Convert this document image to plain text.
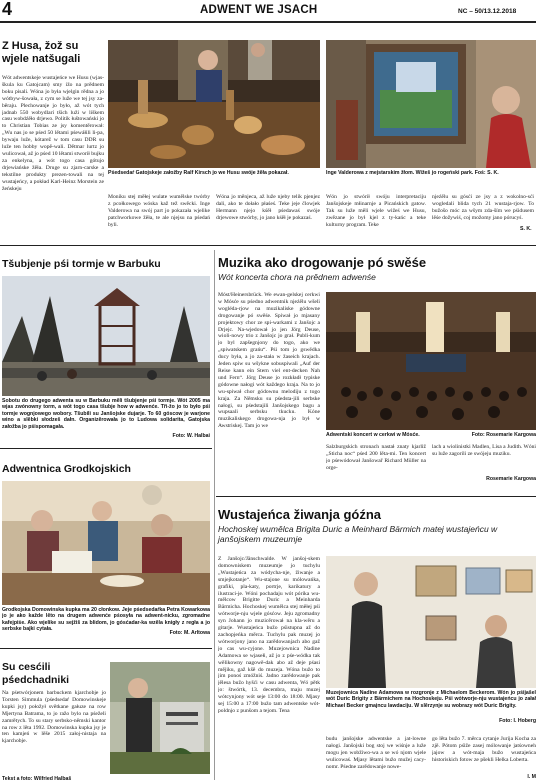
4	ADWENT WE JSACH	NC – 50/13.12.2018
Z Husa, žož su wjele natšugali
Wót adwentskeje wustajeńce we Husu (wjas-škula ku Gatojcam) smy ižo na prědnem boku pisali. Wóna jo była wjelgin rědna a jo wótbyw-šowała, z cym se luže we tej jsy za-běraju. Plechowanje jo było, až wót tych jadnab 550 wobydlarí tšich luži w liškem casu wobdźěło drjewo. Politik łuštowański jo to Christian Tobias ze jsy komentěrował: „Wu nas jo se pśed 50 lětami pśewáłili li-pa, bywaju luže, kótarež w tom casu DDR su luže ten hobby wopě-wali. Dětmar lurtz jo wulicował, až jo pśed 10 lětami stworił bujku za enkelyna, a wót togo casa gótujo drjewiańske žěła. Druge su zjarn-carske a tekstilne produkty prezen-towali na tej wustajeńcy, a pokład Karl-Heinz Morstein ze žeńskeju
Pśedsedaŕ Gatojskeje załožby Ralf Kirsch jo we Husu swóje žěła pokazał.	Inge Valderowa z mejstarskim žłom. Wižeš jo rogeński park. Foś: S. K.
Moniku stej měłej wulate wumělske twórby z pcołkowego wóska kaž tež swěcki. Inge Valderowa na swój part jo pokazała wjelike patchworkowe žěła, te ale njejsu na pśedań byli.
Wóna jo měnjeca, až luže njeby telik pjenjez dali, ako te dołało płaśeś. Teke jeje člowjek Hermann njejo kśěł pśedawaś swóje drjewowe stwórby, jo jano kśěł je pokazaś.
Wón jo stwórił swóju interpretaciju Janšojskeje młinarnje a Picańskich gatow. Tak su luže měli wjele wižeś we Husu, zwězane jo był kjel z ty-kańc a teke kulturny program. Teke
njeźělu su gósći ze jsy a z wokolno-sći wogledali blida tych 21 wustaja-rjow. To bužošo móc za wšym zda-ším we pśidusem lěśe dožywiś, coj možomy jano pórucyś.
S. K.
Tšubjenje pśi tormje w Barbuku
Sobotu do drugego adwenta su w Barbuku měli tšubjenje pśi tormje. Wót 2005 ma wjas zwónowny torm, a wót togo casa tšubje how w adwenće. Tři-žo jo to było pśi tormje wognjowego wobory. Tšubili su Janšojske dujarje. To 60 góscow je warjone wino a slěbki słodzeš dałn. Organizěrowała jo to Ludowa solidarita, Gatojska załožba jo pśispomagała.
Foto: W. Halbai
Adwentnica Grodkojskich
Grodkojska Domowinska kupka ma 20 cłonkow. Jeje pśedsedaŕka Petra Kowarkowa jo je ako každe lěto na drugem adwenće pśosyła na adwent-nicku, zgromadne kafejpiśe. Ako wjelike su sejžiš za blidom, jo gósćadar-ka wzěla knigły z regła a jo serbske bajki cytała.
Foto: M. Arltowa
Su cesćili pśedchadniki
Na pśetwórjonem barbuckem kjarchobje jo Torsten Simmula (pśedsedaŕ Domowinskeje kupki jsy) połožył světkane gałuze na row Mjertyna Batrama, to jo ražo bylo na pśeželi zamrětych. To su stary serbsko-němski kantor na row z lěta 1992. Domowinska kupka jsy je ten kamjeń w lěše 2015 załoj-nistaja na kjarchobje.
Tekst a foto: Wilfried Halbaš
Muzika ako drogowanje pó swěśe
Wót koncerta chora na prědnem adwenśe
Móst/Heinersbrück. We ewan-gelskej cerkwi w Mósće su pśedno adwentnik njeźělu wšeli wogléda-rjow na muzikaliske gódowne drogowanje pó swěśe. Spiwał jo mjasany projektowy chor ze spi-warkami z Janšojc a Drjejc. Na-wjedował jo jen Jörg Deuse, wioli-nowy trio z Janšojc jo grał. Publi-kum jo byl zapšegnjony do togo, ako we „spiwatskem grańu“. Pśi tom jo gswědka ducy była, a jo za-stała w žaseich krajach. Jeden spiw su wšykne sobuspiwali „Auf der Reise kann ein Stern viel ent-decken Nah und Fern“. Jörg Deuse jo rozkładł typiske gódowne nałogi wót každego kraja. Na to jo wu-spiwał chor gódownu melodiju z togo kraja. Za Němsku su pśedsta-jili serbske nałogi, su pśedstajili Janšojskego bagu a wupsaali serbsku tkucku. Kóne muzikaliskego drogowa-nja jo był w Awstriskej. Tam jo we
Adwentski koncert w cerkwi w Mósće.	Foto: Rosemarie Kargowa
Salzburgskich stronach nastał znaty kjarliž „Sticha noc“ pśed 200 lěta-mi. Ten koncert jo pśewódował Janšowař Richard Müller na orge-
lach a wiolinistki Madlen, Lisa a Judith. Wóni su luže zagorili ze swójeju muziku.
Rosemarie Kargowa
Wustajeńca žiwanja góźna
Hochoskej wumělca Brigita Duric a Meinhard Bärmich matej wustajeńcu w janšojskem muzeumje
Z Janšojc/Jänschwalde. W janšoj-skem domowniskem muzeumje jo tuchylu „Wustajeńca za wódycha-nje, žiwanje a smjejkotanje“. Wu-stajone su mólowańka, grafiki, pla-katy, portrje, karikatury a ilustraci-je. Wóni pochadaju wót pórika wu-mělcow Brigitte Duric a Meinharda Bärmicha. Hochoskej wumělca stej měłej pśi wótworje-nju wjele gósćow. Jeju zgromadny syn Johann jo muzicěrował na kla-wěru a gitarje. Wustajeńca bužo pśistupna až do zachopjeńka měrca. Tuchylu pak muzej jo wótworjony jano na zarědowanjach abo gaž jo cas wu-cyjone. Muzejownica Nadine Adamowa se wjasełi, až jo z pśe-wódka tak wělikowny nagowě-dak abo až deje pśasi mějiku, gaž kšě do muzeja. Wóna bužo to jim ponoś zmóžniś. Jadno zarědowanje pak jělesa bužo hyšći w casu adwenta, Wó pětk jo: štwórtk, 13. decembra, maju muzej wótcynjony wót seje 13:00 do 18:00. Mjasy sej 15:00 a 17:00 bužo tam adwentske wót-poldnjo z punšom a tejom. Tena
Muzejownica Nadine Adamowa w rozgronje z Michaelom Beckerom. Wón jo pśijašel wót Duric Brigity z Bärmichem na Hochoskeju. Pśi wótworje-nju wustajeńcu jo załał Michael Becker gmajncu lawdaciju. W slěrzynje su wobrazy wót Duric Brigity.
Foto: I. Hoberg
budu janšojske adwentske a jat-lowne nałogi. Janšojski bog stoj we wiśnje a luže mogu jen wobžiwo-wa a se wó njom wjele wulicowaś. Mjasy lětami bužo mužej cacy-nomr. Pśedne zarědowanje nowe-
go lěta bužo 7. měrca cytanje Jurija Kocha za zjě. Pótom pśiže zasej mólowanje jatśowneh jajow a wót-maja bužo wustajeńca historiskich fotow ze pšekli Helka Loberta.
I. M
